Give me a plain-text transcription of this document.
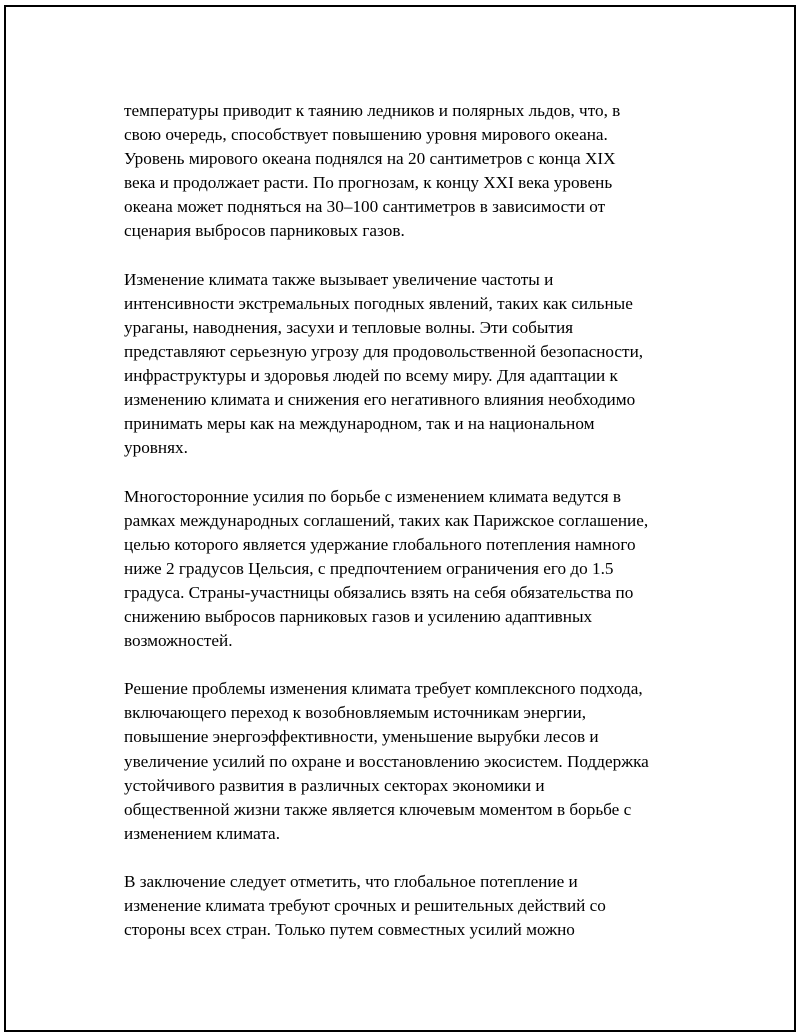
температуры приводит к таянию ледников и полярных льдов, что, в
свою очередь, способствует повышению уровня мирового океана.
Уровень мирового океана поднялся на 20 сантиметров с конца XIX
века и продолжает расти. По прогнозам, к концу XXI века уровень
океана может подняться на 30–100 сантиметров в зависимости от
сценария выбросов парниковых газов.

Изменение климата также вызывает увеличение частоты и
интенсивности экстремальных погодных явлений, таких как сильные
ураганы, наводнения, засухи и тепловые волны. Эти события
представляют серьезную угрозу для продовольственной безопасности,
инфраструктуры и здоровья людей по всему миру. Для адаптации к
изменению климата и снижения его негативного влияния необходимо
принимать меры как на международном, так и на национальном
уровнях.

Многосторонние усилия по борьбе с изменением климата ведутся в
рамках международных соглашений, таких как Парижское соглашение,
целью которого является удержание глобального потепления намного
ниже 2 градусов Цельсия, с предпочтением ограничения его до 1.5
градуса. Страны-участницы обязались взять на себя обязательства по
снижению выбросов парниковых газов и усилению адаптивных
возможностей.

Решение проблемы изменения климата требует комплексного подхода,
включающего переход к возобновляемым источникам энергии,
повышение энергоэффективности, уменьшение вырубки лесов и
увеличение усилий по охране и восстановлению экосистем. Поддержка
устойчивого развития в различных секторах экономики и
общественной жизни также является ключевым моментом в борьбе с
изменением климата.

В заключение следует отметить, что глобальное потепление и
изменение климата требуют срочных и решительных действий со
стороны всех стран. Только путем совместных усилий можно
